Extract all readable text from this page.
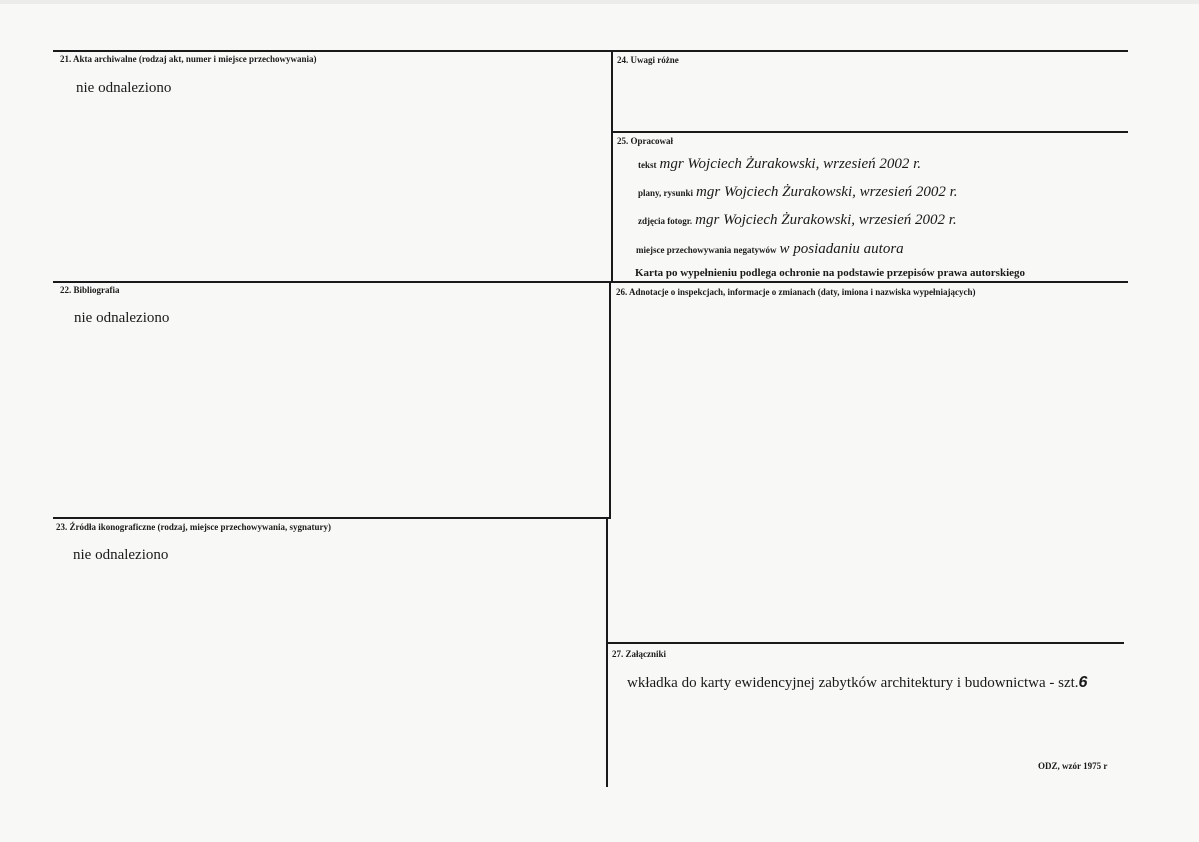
21. Akta archiwalne (rodzaj akt, numer i miejsce przechowywania)
nie odnaleziono
24. Uwagi różne
25. Opracował
tekst mgr Wojciech Żurakowski, wrzesień 2002 r.
plany, rysunki mgr Wojciech Żurakowski, wrzesień 2002 r.
zdjęcia fotogr. mgr Wojciech Żurakowski, wrzesień 2002 r.
miejsce przechowywania negatywów w posiadaniu autora
Karta po wypełnieniu podlega ochronie na podstawie przepisów prawa autorskiego
22. Bibliografia
nie odnaleziono
26. Adnotacje o inspekcjach, informacje o zmianach (daty, imiona i nazwiska wypełniających)
23. Źródła ikonograficzne (rodzaj, miejsce przechowywania, sygnatury)
nie odnaleziono
27. Załączniki
wkładka do karty ewidencyjnej zabytków architektury i budownictwa - szt.6
ODZ, wzór 1975 r
